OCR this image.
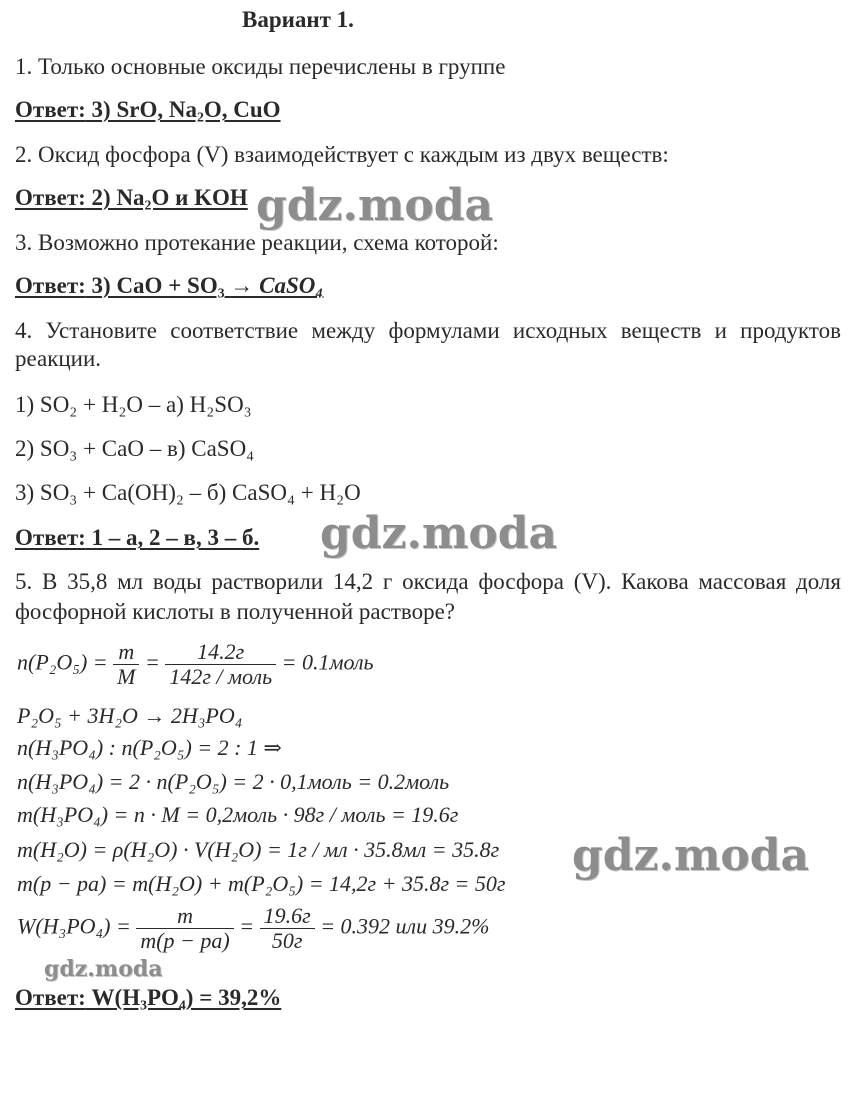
Вариант 1.
1. Только основные оксиды перечислены в группе
Ответ: 3) SrO, Na₂O, CuO
2. Оксид фосфора (V) взаимодействует с каждым из двух веществ:
Ответ: 2) Na₂O и KOH
3. Возможно протекание реакции, схема которой:
Ответ: 3) CaO + SO₃ → CaSO₄
4. Установите соответствие между формулами исходных веществ и продуктов
реакции.
1) SO₂ + H₂O – а) H₂SO₃
2) SO₃ + CaO – в) CaSO₄
3) SO₃ + Ca(OH)₂ – б) CaSO₄ + H₂O
Ответ: 1 – а, 2 – в, 3 – б.
5. В 35,8 мл воды растворили 14,2 г оксида фосфора (V). Какова массовая доля
фосфорной кислоты в полученной растворе?
$n(P_2O_5) = \frac{m}{M} = \frac{14.2г}{\text{142г / моль}}$ = 0.1моль
P₂O₅ + 3H₂O → 2H₃PO₄
n(H₃PO₄) : n(P₂O₅) = 2 : 1 ⇒
n(H₃PO₄) = 2 · n(P₂O₅) = 2 · 0,1моль = 0.2моль
m(H₃PO₄) = n · M = 0,2моль · 98г / моль = 19.6г
m(H₂O) = ρ(H₂O) · V(H₂O) = 1г / мл · 35.8мл = 35.8г
m(p − pa) = m(H₂O) + m(P₂O₅) = 14,2г + 35.8г = 50г
$W(H_3PO_4) = \frac{m}{m(p - pa)} = \frac{19.6г}{50г} = 0.392$ или 39.2%
Ответ: W(H₃PO₄) = 39,2%
gdz.moda
gdz.moda
gdz.moda
gdz.moda
